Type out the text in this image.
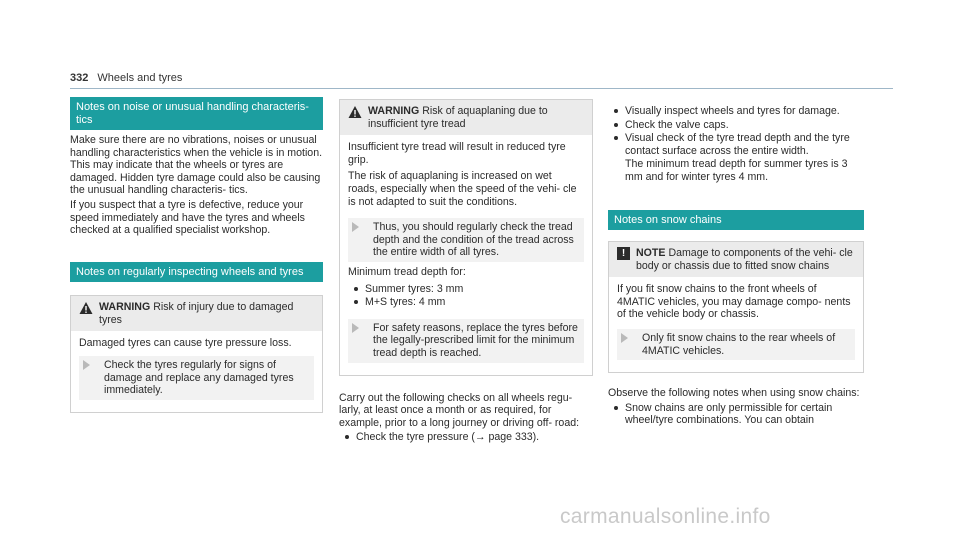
332 Wheels and tyres
Notes on noise or unusual handling characteris- tics

Make sure there are no vibrations, noises or unusual handling characteristics when the vehicle is in motion. This may indicate that the wheels or tyres are damaged. Hidden tyre damage could also be causing the unusual handling characteris- tics.

If you suspect that a tyre is defective, reduce your speed immediately and have the tyres and wheels checked at a qualified specialist workshop.

Notes on regularly inspecting wheels and tyres
WARNING Risk of injury due to damaged tyres

Damaged tyres can cause tyre pressure loss.

Check the tyres regularly for signs of damage and replace any damaged tyres immediately.
WARNING Risk of aquaplaning due to insufficient tyre tread

Insufficient tyre tread will result in reduced tyre grip.

The risk of aquaplaning is increased on wet roads, especially when the speed of the vehi- cle is not adapted to suit the conditions.

Thus, you should regularly check the tread depth and the condition of the tread across the entire width of all tyres.

Minimum tread depth for:

Summer tyres: 3 mm
M+S tyres: 4 mm
For safety reasons, replace the tyres before the legally-prescribed limit for the minimum tread depth is reached.

Carry out the following checks on all wheels regu- larly, at least once a month or as required, for example, prior to a long journey or driving off- road:

Check the tyre pressure (→ page 333).
Visually inspect wheels and tyres for damage.
Check the valve caps.
Visual check of the tyre tread depth and the tyre contact surface across the entire width.

The minimum tread depth for summer tyres is 3 mm and for winter tyres 4 mm.

Notes on snow chains
!	NOTE Damage to components of the vehi- cle body or chassis due to fitted snow chains

If you fit snow chains to the front wheels of 4MATIC vehicles, you may damage compo- nents of the vehicle body or chassis.

Only fit snow chains to the rear wheels of 4MATIC vehicles.

Observe the following notes when using snow chains:

Snow chains are only permissible for certain wheel/tyre combinations. You can obtain
carmanualsonline.info
